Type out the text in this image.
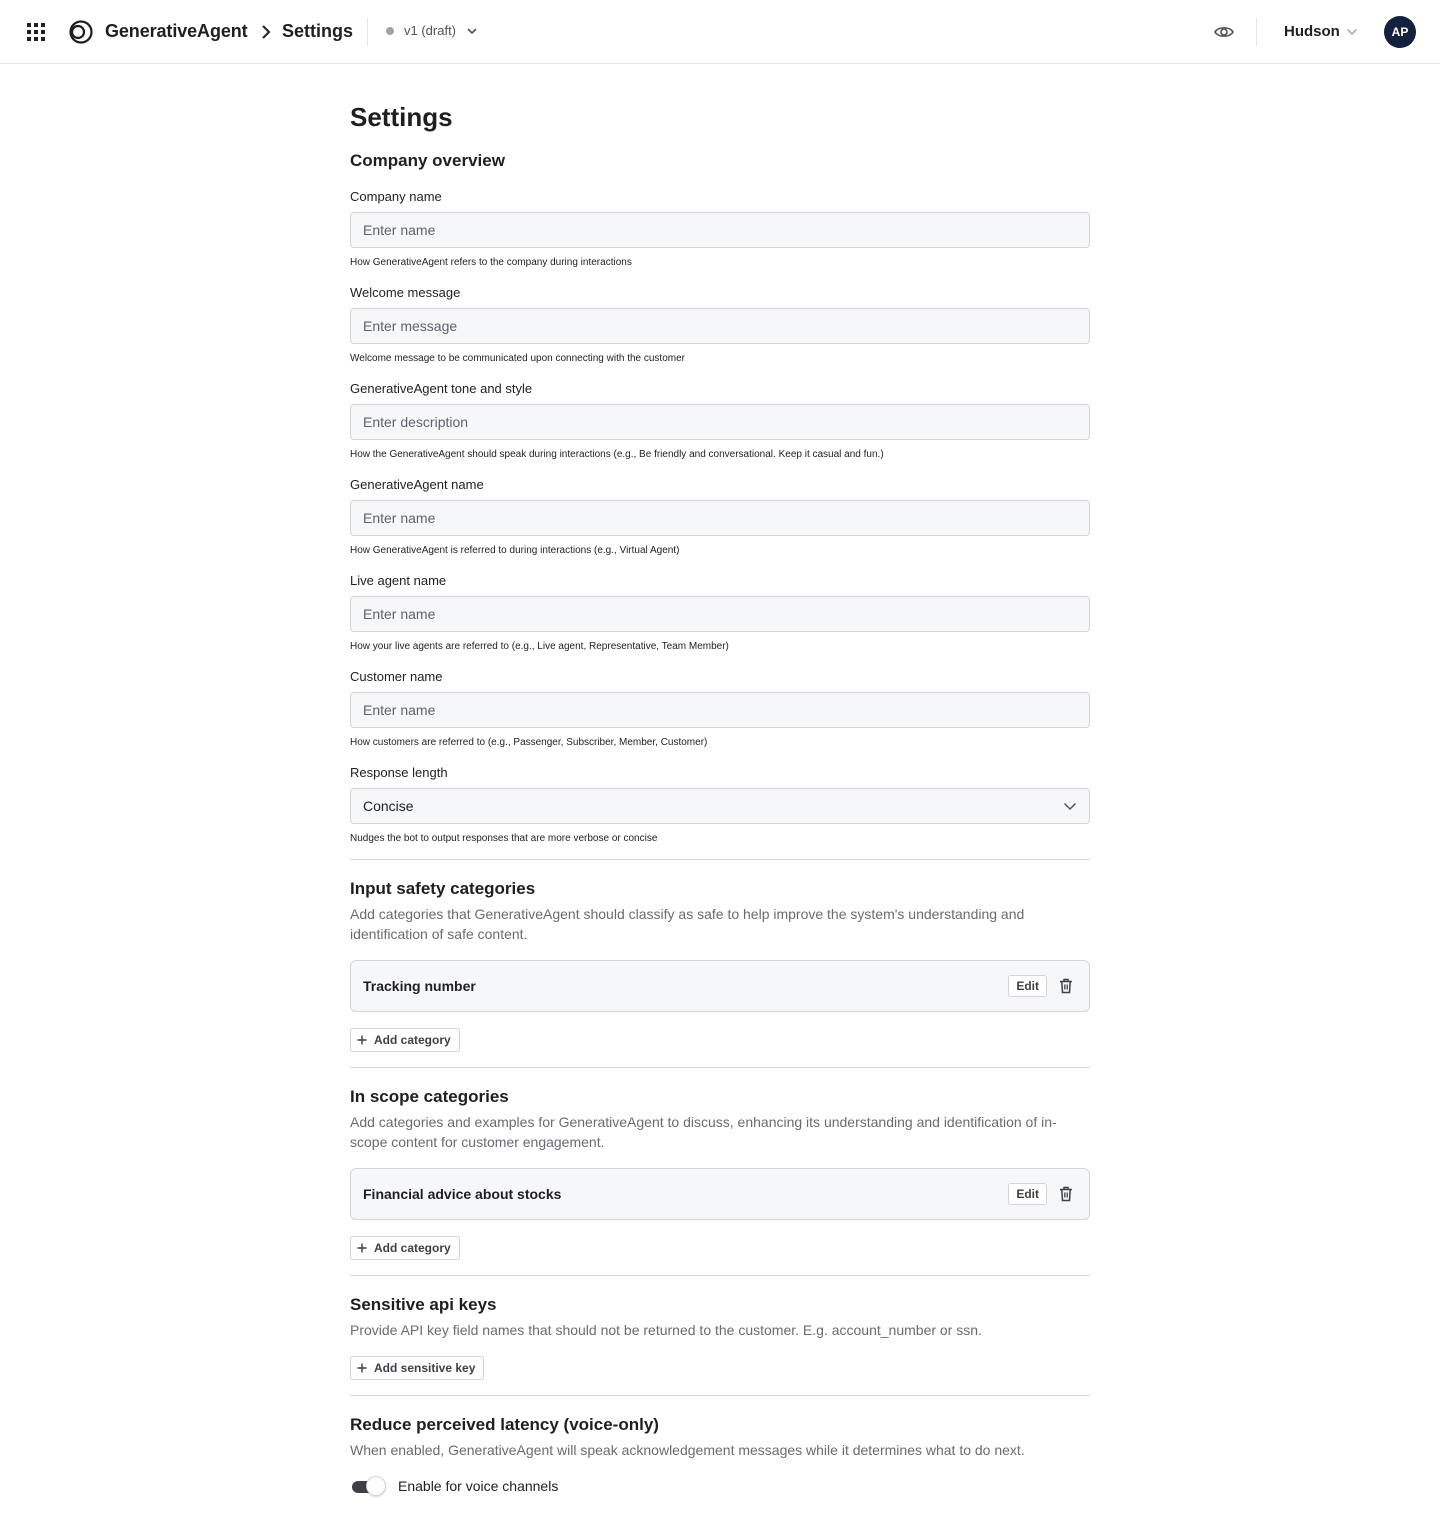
GenerativeAgent Settings	v1 (draft)	Hudson	AP
Settings
Company overview
Company name
Enter name
How GenerativeAgent refers to the company during interactions
Welcome message
Enter message
Welcome message to be communicated upon connecting with the customer
GenerativeAgent tone and style
Enter description
How the GenerativeAgent should speak during interactions (e.g., Be friendly and conversational. Keep it casual and fun.)
GenerativeAgent name
Enter name
How GenerativeAgent is referred to during interactions (e.g., Virtual Agent)
Live agent name
Enter name
How your live agents are referred to (e.g., Live agent, Representative, Team Member)
Customer name
Enter name
How customers are referred to (e.g., Passenger, Subscriber, Member, Customer)
Response length
Concise
Nudges the bot to output responses that are more verbose or concise
Input safety categories

Add categories that GenerativeAgent should classify as safe to help improve the system's understanding and identification of safe content.

Tracking number	Edit
Add category
In scope categories

Add categories and examples for GenerativeAgent to discuss, enhancing its understanding and identification of in-scope content for customer engagement.

Financial advice about stocks	Edit
Add category
Sensitive api keys

Provide API key field names that should not be returned to the customer. E.g. account_number or ssn.

Add sensitive key
Reduce perceived latency (voice-only)

When enabled, GenerativeAgent will speak acknowledgement messages while it determines what to do next.

Enable for voice channels
